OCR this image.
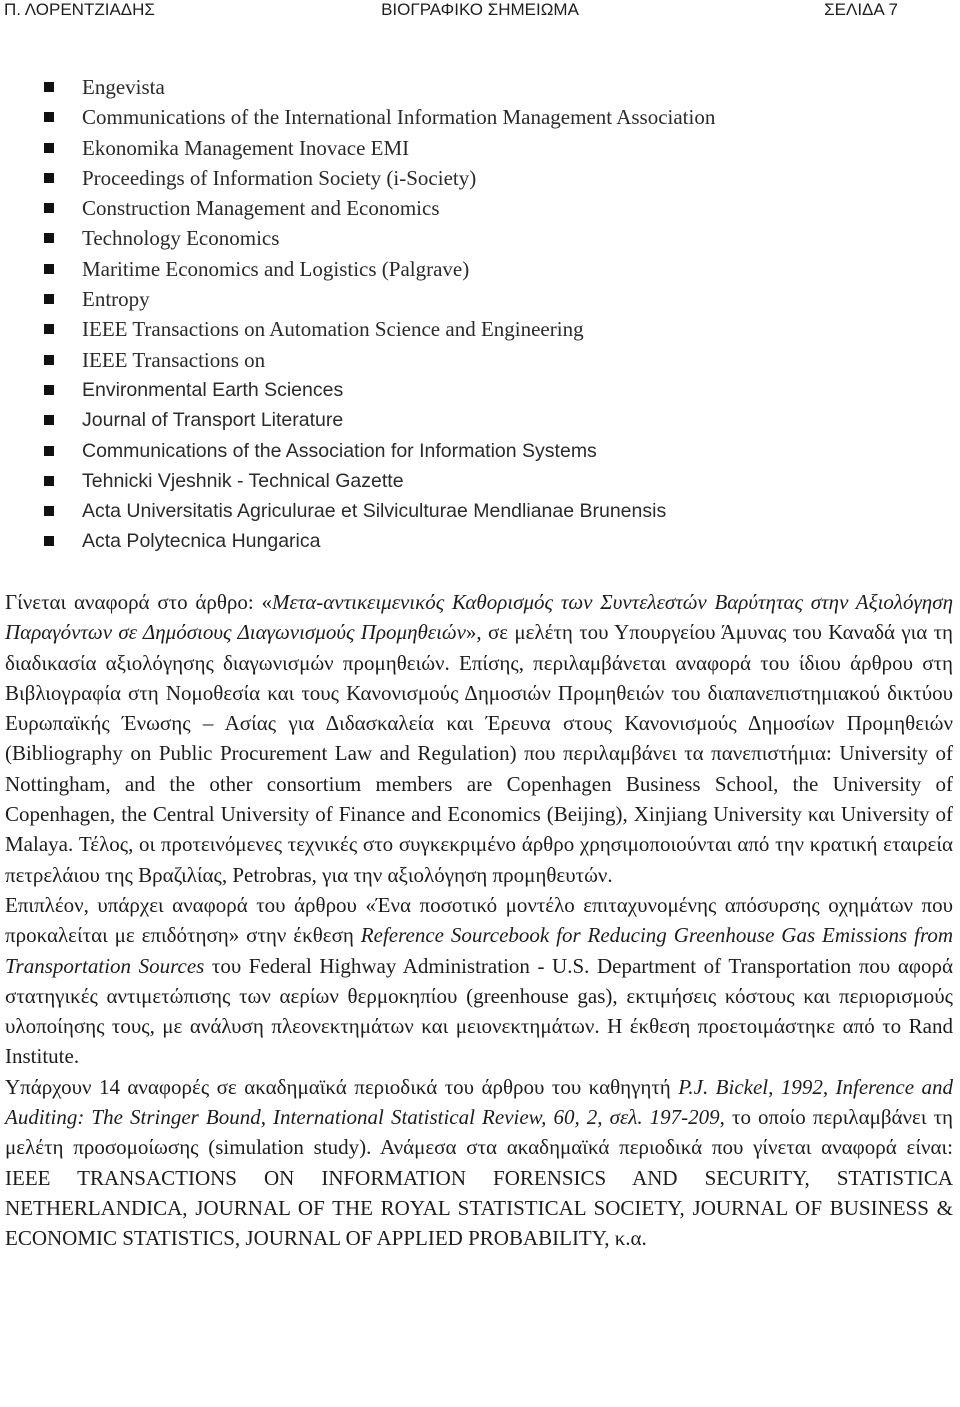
Π. ΛΟΡΕΝΤΖΙΑΔΗΣ	ΒΙΟΓΡΑΦΙΚΟ ΣΗΜΕΙΩΜΑ	ΣΕΛΙΔΑ 7
Engevista
Communications of the International Information Management Association
Ekonomika Management Inovace EMI
Proceedings of Information Society (i-Society)
Construction Management and Economics
Technology Economics
Maritime Economics and Logistics (Palgrave)
Entropy
IEEE Transactions on Automation Science and Engineering
IEEE Transactions on
Environmental Earth Sciences
Journal of Transport Literature
Communications of the Association for Information Systems
Tehnicki Vjeshnik - Technical Gazette
Acta Universitatis Agriculurae et Silviculturae Mendlianae Brunensis
Acta Polytecnica Hungarica

Γίνεται αναφορά στο άρθρο: «Μετα-αντικειμενικός Καθορισμός των Συντελεστών Βαρύτητας στην Αξιολόγηση Παραγόντων σε Δημόσιους Διαγωνισμούς Προμηθειών», σε μελέτη του Υπουργείου Άμυνας του Καναδά για τη διαδικασία αξιολόγησης διαγωνισμών προμηθειών. Επίσης, περιλαμβάνεται αναφορά του ίδιου άρθρου στη Βιβλιογραφία στη Νομοθεσία και τους Κανονισμούς Δημοσιών Προμηθειών του διαπανεπιστημιακού δικτύου Ευρωπαϊκής Ένωσης – Ασίας για Διδασκαλεία και Έρευνα στους Κανονισμούς Δημοσίων Προμηθειών (Bibliography on Public Procurement Law and Regulation) που περιλαμβάνει τα πανεπιστήμια: University of Nottingham, and the other consortium members are Copenhagen Business School, the University of Copenhagen, the Central University of Finance and Economics (Beijing), Xinjiang University και University of Malaya. Τέλος, οι προτεινόμενες τεχνικές στο συγκεκριμένο άρθρο χρησιμοποιούνται από την κρατική εταιρεία πετρελάιου της Βραζιλίας, Petrobras, για την αξιολόγηση προμηθευτών.

Επιπλέον, υπάρχει αναφορά του άρθρου «Ένα ποσοτικό μοντέλο επιταχυνομένης απόσυρσης οχημάτων που προκαλείται με επιδότηση» στην έκθεση Reference Sourcebook for Reducing Greenhouse Gas Emissions from Transportation Sources του Federal Highway Administration - U.S. Department of Transportation που αφορά στατηγικές αντιμετώπισης των αερίων θερμοκηπίου (greenhouse gas), εκτιμήσεις κόστους και περιορισμούς υλοποίησης τους, με ανάλυση πλεονεκτημάτων και μειονεκτημάτων. Η έκθεση προετοιμάστηκε από το Rand Institute.

Υπάρχουν 14 αναφορές σε ακαδημαϊκά περιοδικά του άρθρου του καθηγητή P.J. Bickel, 1992, Inference and Auditing: The Stringer Bound, International Statistical Review, 60, 2, σελ. 197-209, το οποίο περιλαμβάνει τη μελέτη προσομοίωσης (simulation study). Ανάμεσα στα ακαδημαϊκά περιοδικά που γίνεται αναφορά είναι: IEEE TRANSACTIONS ON INFORMATION FORENSICS AND SECURITY, STATISTICA NETHERLANDICA, JOURNAL OF THE ROYAL STATISTICAL SOCIETY, JOURNAL OF BUSINESS & ECONOMIC STATISTICS, JOURNAL OF APPLIED PROBABILITY, κ.α.
